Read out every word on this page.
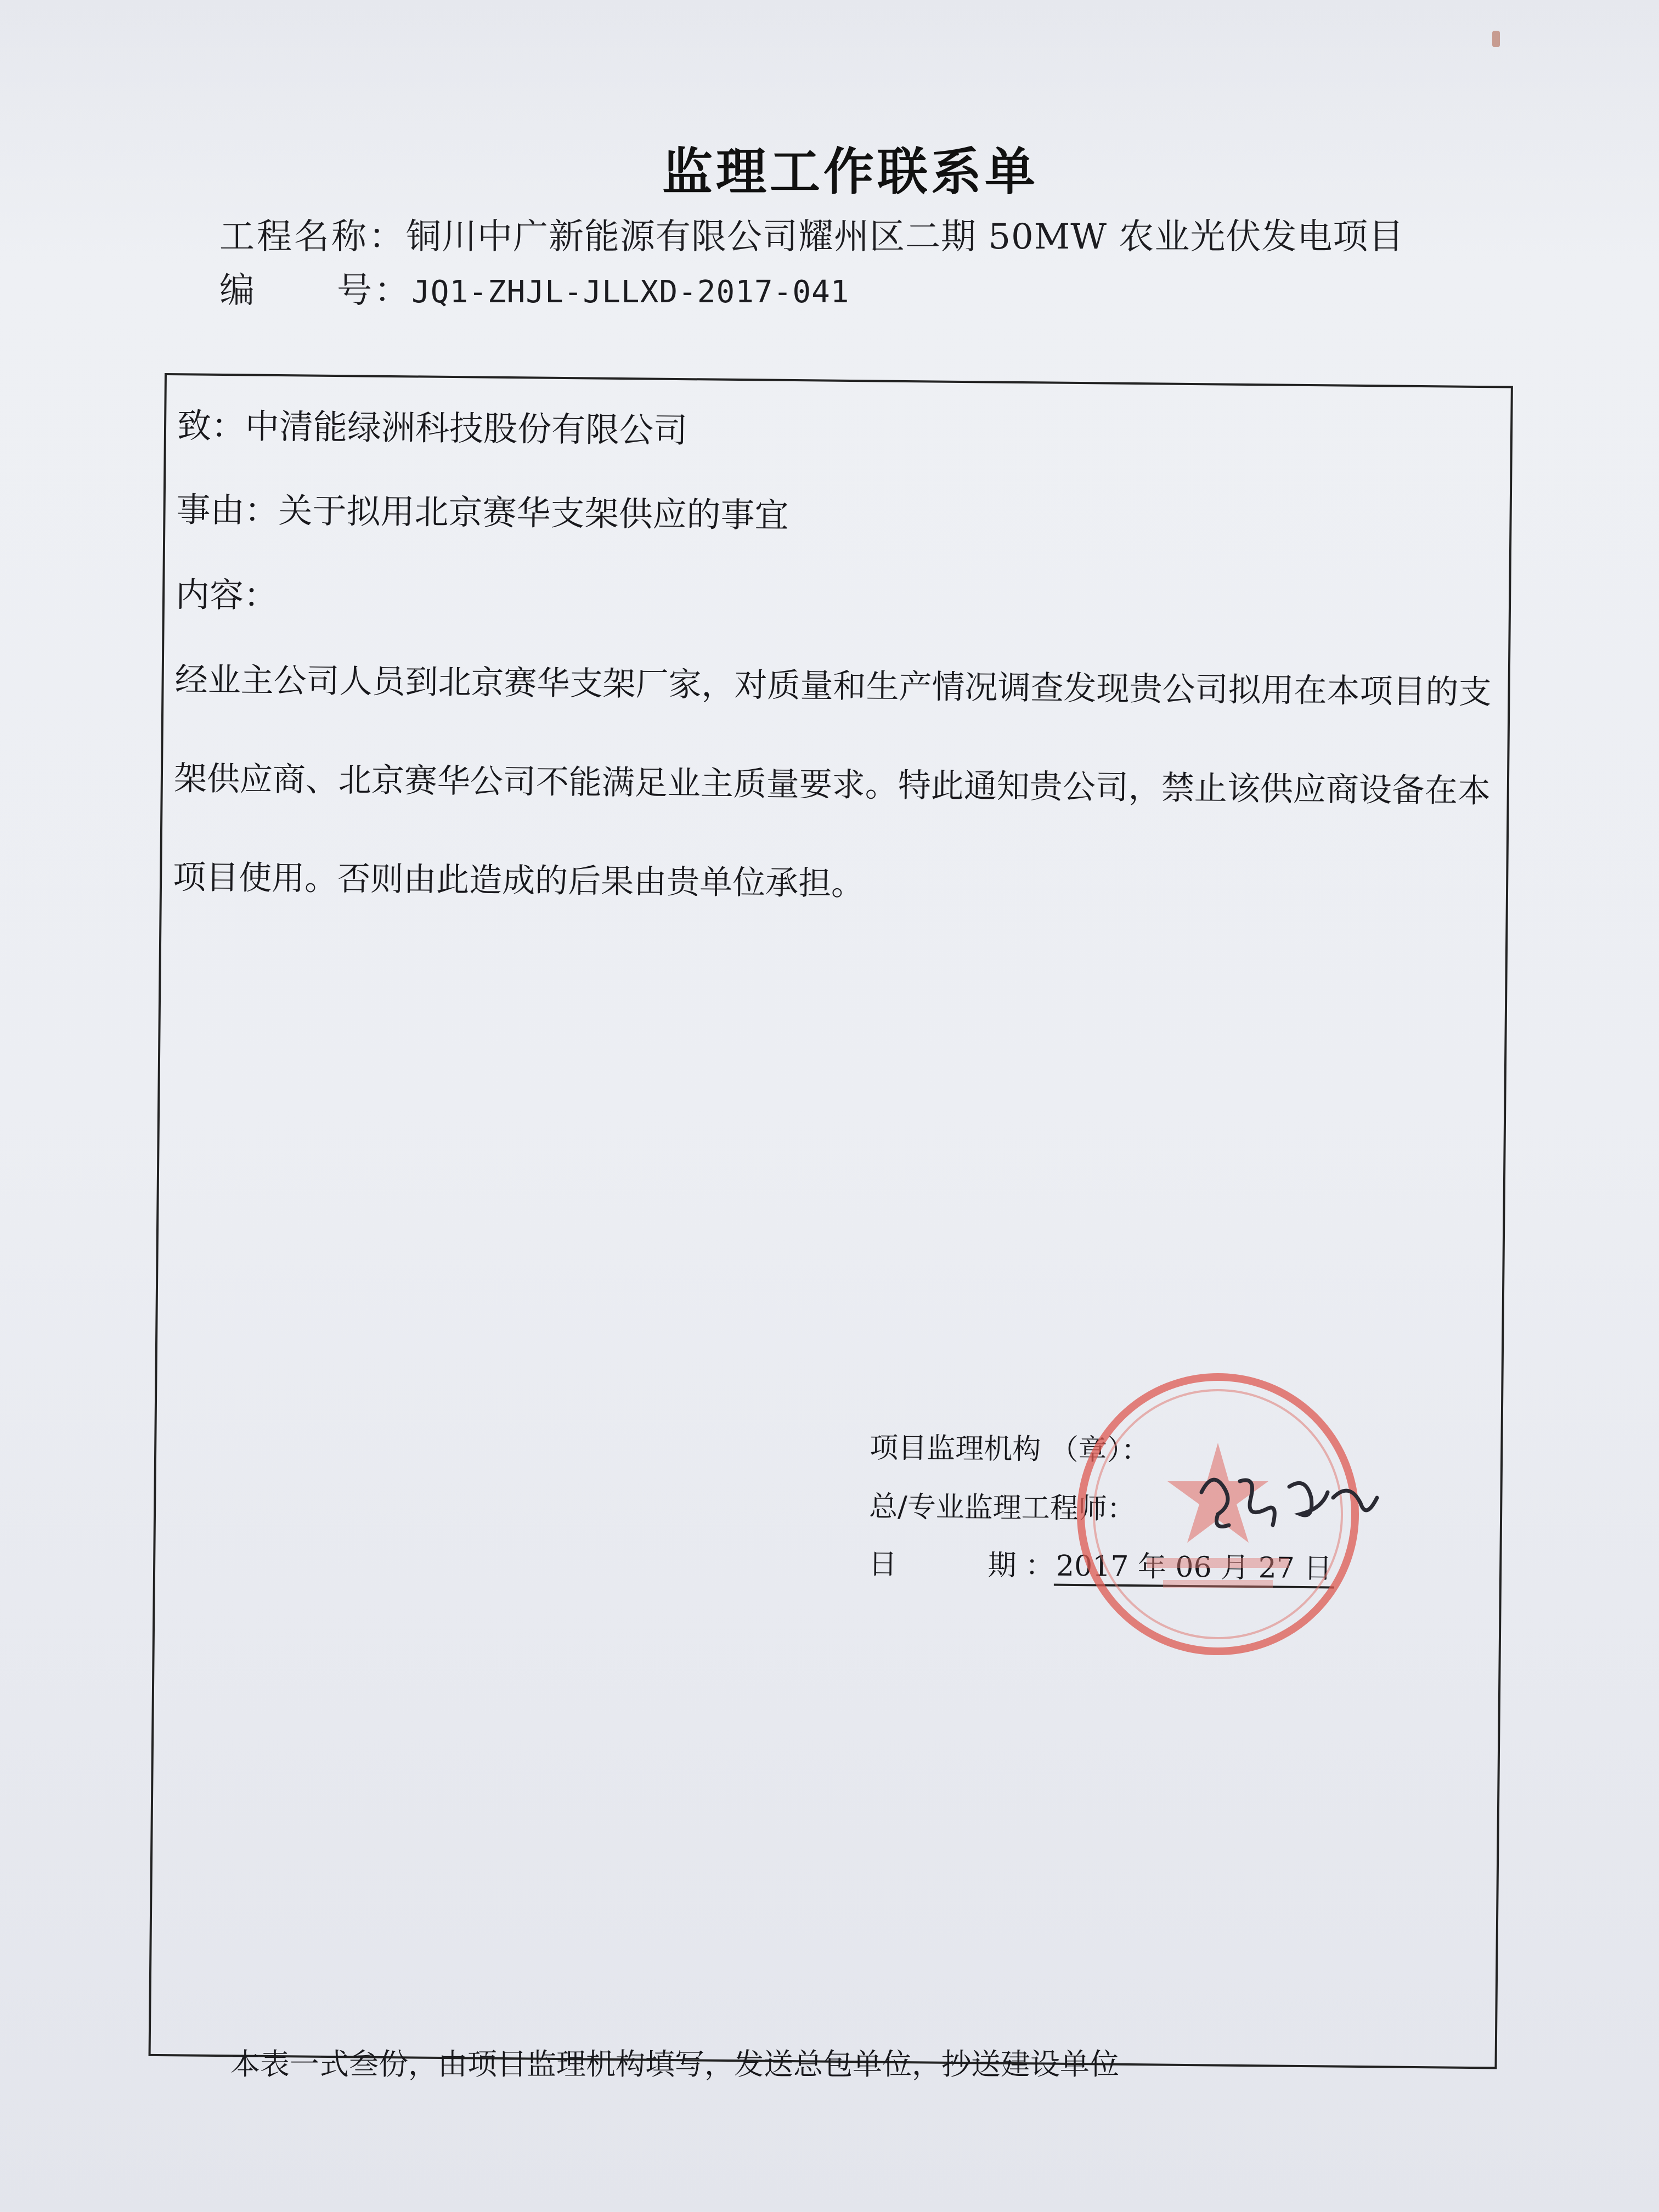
监理工作联系单
工程名称：铜川中广新能源有限公司耀州区二期 50MW 农业光伏发电项目
编      号：JQ1-ZHJL-JLLXD-2017-041
致：中清能绿洲科技股份有限公司
事由：关于拟用北京赛华支架供应的事宜
内容：
经业主公司人员到北京赛华支架厂家，对质量和生产情况调查发现贵公司拟用在本项目的支架供应商、北京赛华公司不能满足业主质量要求。特此通知贵公司，禁止该供应商设备在本项目使用。否则由此造成的后果由贵单位承担。
项目监理机构 （章）：
总/专业监理工程师：
日          期 ：2017 年 06 月 27 日
本表一式叁份，由项目监理机构填写，发送总包单位，抄送建设单位
